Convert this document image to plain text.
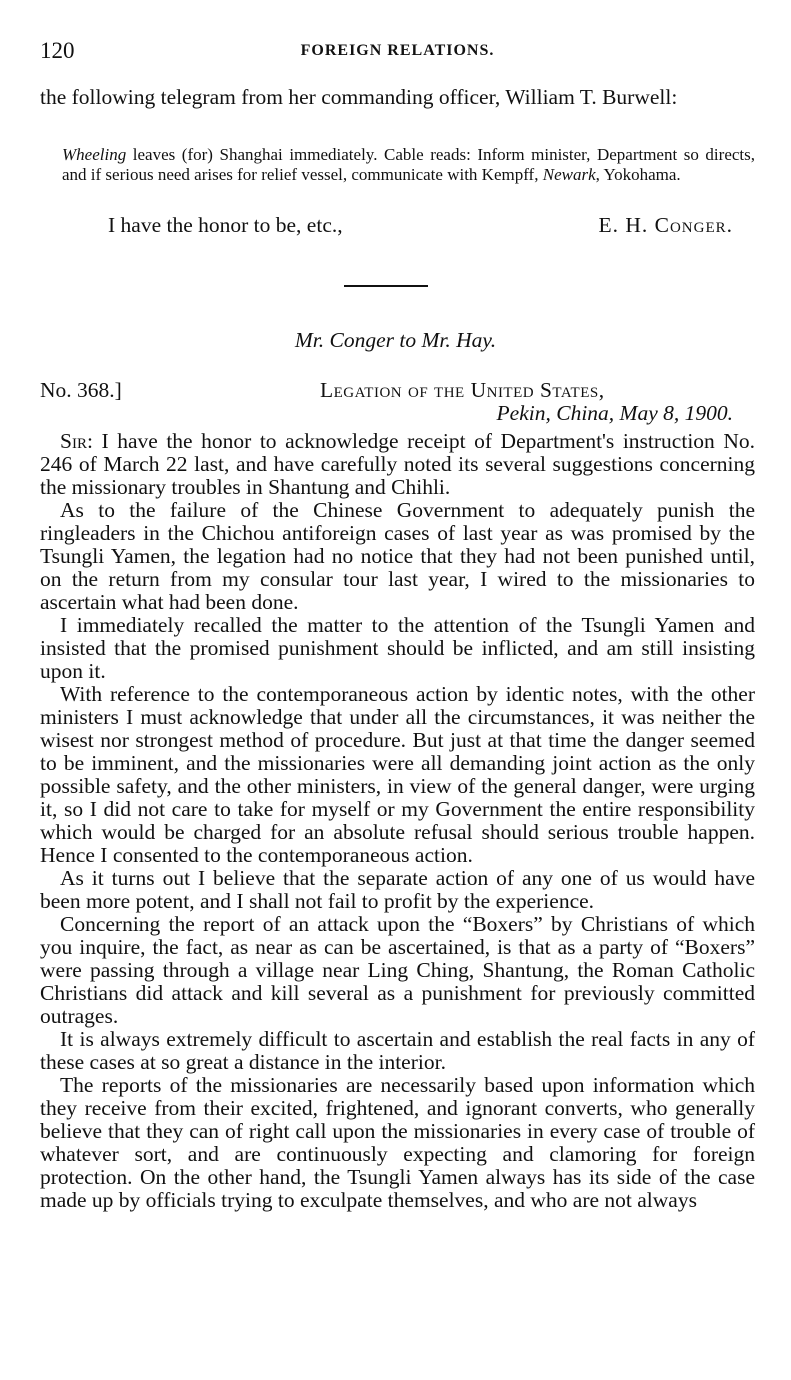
120	FOREIGN RELATIONS.
the following telegram from her commanding officer, William T. Burwell:
Wheeling leaves (for) Shanghai immediately. Cable reads: Inform minister, Department so directs, and if serious need arises for relief vessel, communicate with Kempff, Newark, Yokohama.
I have the honor to be, etc.,	E. H. Conger.
Mr. Conger to Mr. Hay.
No. 368.]	Legation of the United States,
Pekin, China, May 8, 1900.

Sir: I have the honor to acknowledge receipt of Department's instruction No. 246 of March 22 last, and have carefully noted its several suggestions concerning the missionary troubles in Shantung and Chihli.

As to the failure of the Chinese Government to adequately punish the ringleaders in the Chichou antiforeign cases of last year as was promised by the Tsungli Yamen, the legation had no notice that they had not been punished until, on the return from my consular tour last year, I wired to the missionaries to ascertain what had been done.

I immediately recalled the matter to the attention of the Tsungli Yamen and insisted that the promised punishment should be inflicted, and am still insisting upon it.

With reference to the contemporaneous action by identic notes, with the other ministers I must acknowledge that under all the circumstances, it was neither the wisest nor strongest method of procedure. But just at that time the danger seemed to be imminent, and the missionaries were all demanding joint action as the only possible safety, and the other ministers, in view of the general danger, were urging it, so I did not care to take for myself or my Government the entire responsibility which would be charged for an absolute refusal should serious trouble happen. Hence I consented to the contemporaneous action.

As it turns out I believe that the separate action of any one of us would have been more potent, and I shall not fail to profit by the experience.

Concerning the report of an attack upon the “Boxers” by Christians of which you inquire, the fact, as near as can be ascertained, is that as a party of “Boxers” were passing through a village near Ling Ching, Shantung, the Roman Catholic Christians did attack and kill several as a punishment for previously committed outrages.

It is always extremely difficult to ascertain and establish the real facts in any of these cases at so great a distance in the interior.

The reports of the missionaries are necessarily based upon information which they receive from their excited, frightened, and ignorant converts, who generally believe that they can of right call upon the missionaries in every case of trouble of whatever sort, and are continuously expecting and clamoring for foreign protection. On the other hand, the Tsungli Yamen always has its side of the case made up by officials trying to exculpate themselves, and who are not always
